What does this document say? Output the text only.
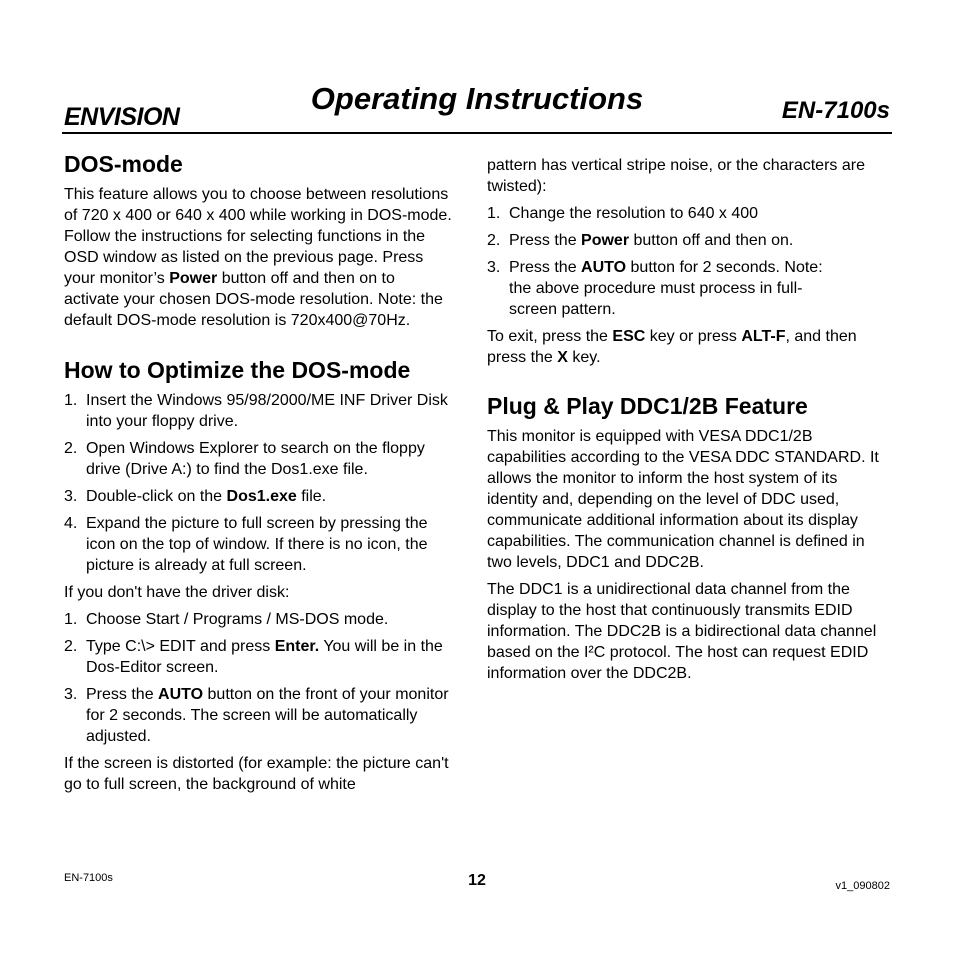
ENVISION
Operating Instructions	EN-7100s
DOS-mode

This feature allows you to choose between resolutions of 720 x 400 or 640 x 400 while working in DOS-mode. Follow the instructions for selecting functions in the OSD window as listed on the previous page. Press your monitor’s Power button off and then on to activate your chosen DOS-mode resolution. Note: the default DOS-mode resolution is 720x400@70Hz.

How to Optimize the DOS-mode
1. Insert the Windows 95/98/2000/ME INF Driver Disk into your floppy drive.
2. Open Windows Explorer to search on the floppy drive (Drive A:) to find the Dos1.exe file.
3. Double-click on the Dos1.exe file.
4. Expand the picture to full screen by pressing the icon on the top of window. If there is no icon, the picture is already at full screen.

If you don't have the driver disk:

1. Choose Start / Programs / MS-DOS mode.
2. Type C:\> EDIT and press Enter. You will be in the Dos-Editor screen.
3. Press the AUTO button on the front of your monitor for 2 seconds. The screen will be automatically adjusted.

If the screen is distorted (for example: the picture can't go to full screen, the background of white

pattern has vertical stripe noise, or the characters are twisted):

1. Change the resolution to 640 x 400
2. Press the Power button off and then on.
3. Press the AUTO button for 2 seconds. Note: the above procedure must process in full-screen pattern.

To exit, press the ESC key or press ALT-F, and then press the X key.

Plug & Play DDC1/2B Feature

This monitor is equipped with VESA DDC1/2B capabilities according to the VESA DDC STANDARD. It allows the monitor to inform the host system of its identity and, depending on the level of DDC used, communicate additional information about its display capabilities. The communication channel is defined in two levels, DDC1 and DDC2B.

The DDC1 is a unidirectional data channel from the display to the host that continuously transmits EDID information. The DDC2B is a bidirectional data channel based on the I²C protocol. The host can request EDID information over the DDC2B.

EN-7100s	12	v1_090802
